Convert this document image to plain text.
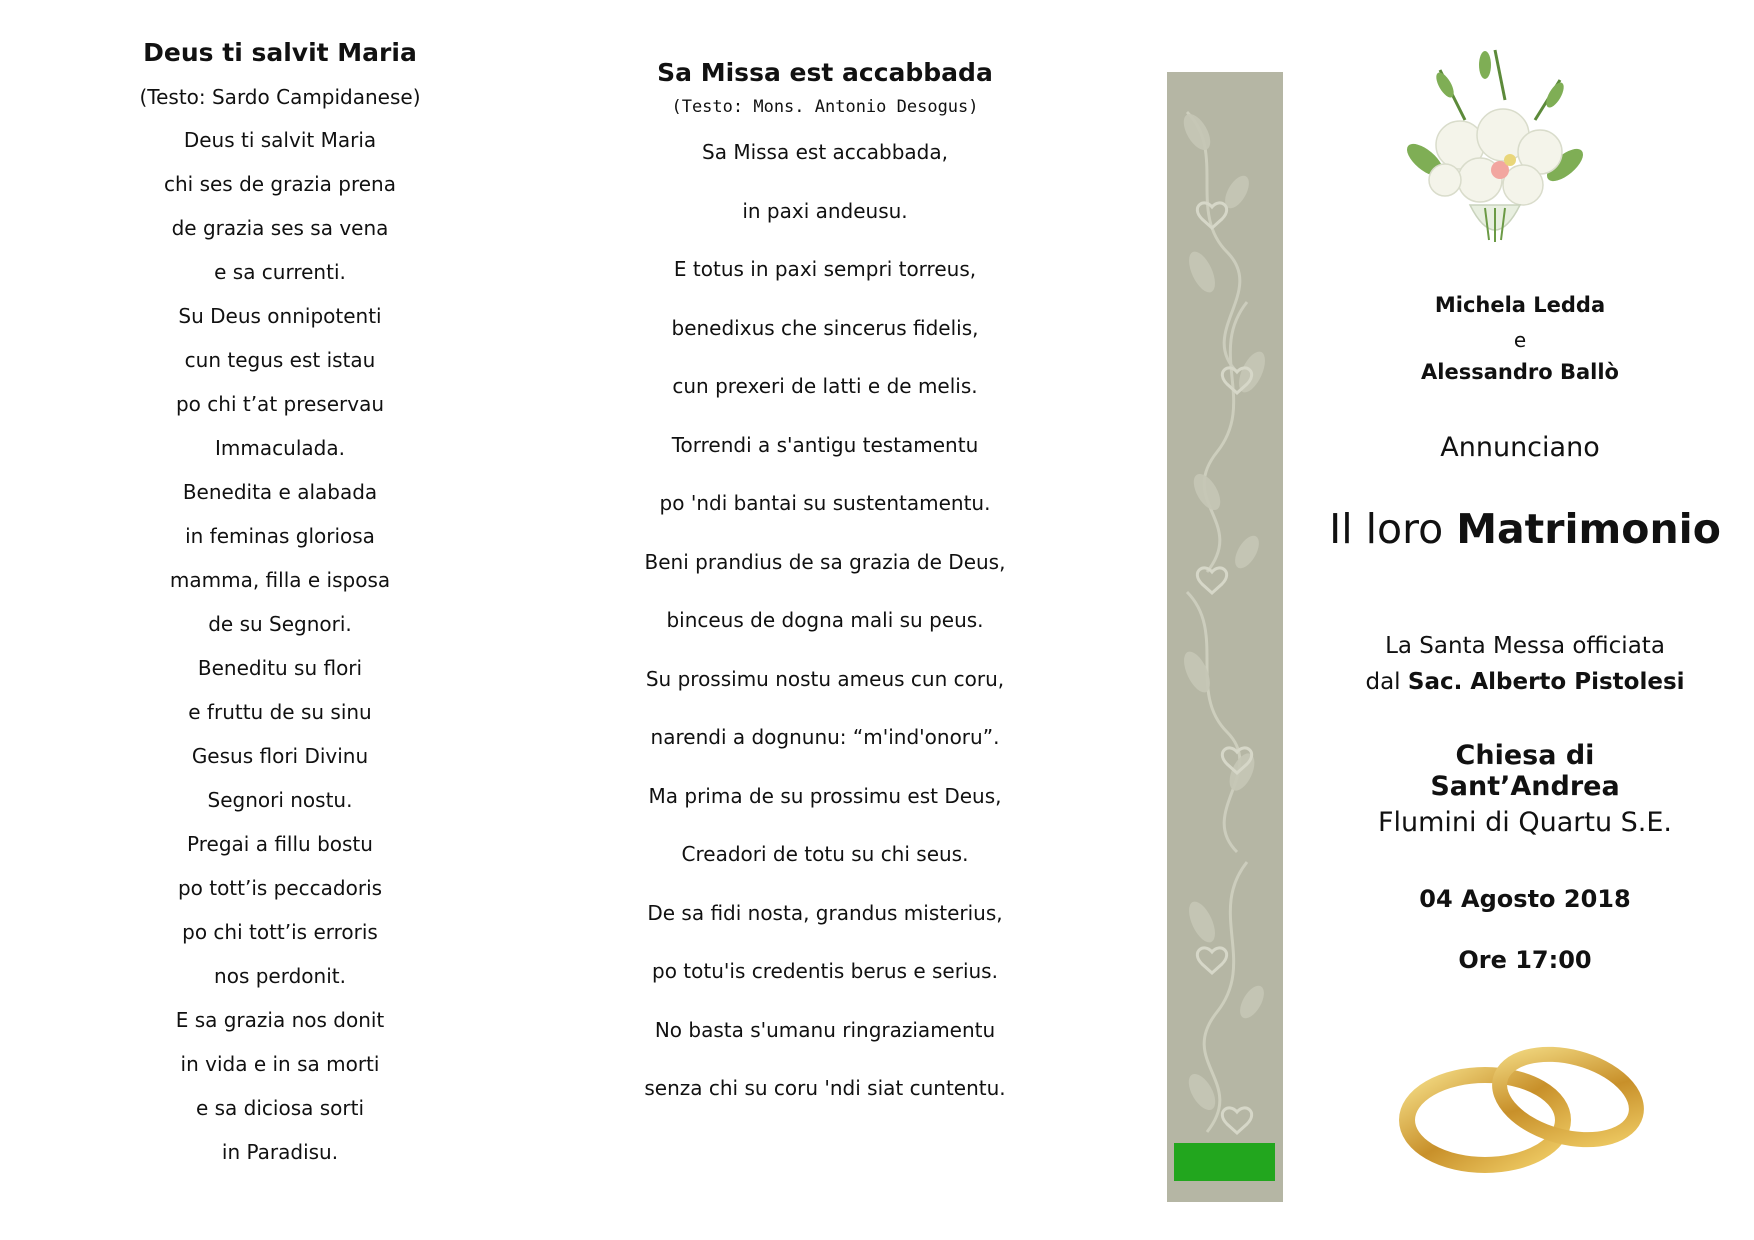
Deus ti salvit Maria
(Testo: Sardo Campidanese)
Deus ti salvit Maria
chi ses de grazia prena
de grazia ses sa vena
e sa currenti.
Su Deus onnipotenti
cun tegus est istau
po chi t’at preservau
Immaculada.
Benedita e alabada
in feminas gloriosa
mamma, filla e isposa
de su Segnori.
Beneditu su flori
e fruttu de su sinu
Gesus flori Divinu
Segnori nostu.
Pregai a fillu bostu
po tott’is peccadoris
po chi tott’is erroris
nos perdonit.
E sa grazia nos donit
in vida e in sa morti
e sa diciosa sorti
in Paradisu.
Sa Missa est accabbada
(Testo: Mons. Antonio Desogus)
Sa Missa est accabbada,
in paxi andeusu.
E totus in paxi sempri torreus,
benedixus che sincerus fidelis,
cun prexeri de latti e de melis.
Torrendi a s'antigu testamentu
po 'ndi bantai su sustentamentu.
Beni prandius de sa grazia de Deus,
binceus de dogna mali su peus.
Su prossimu nostu ameus cun coru,
narendi a dognunu: “m'ind'onoru”.
Ma prima de su prossimu est Deus,
Creadori de totu su chi seus.
De sa fidi nosta, grandus misterius,
po totu'is credentis berus e serius.
No basta s'umanu ringraziamentu
senza chi su coru 'ndi siat cuntentu.
Michela Ledda
e
Alessandro Ballò
Annunciano
Il loro Matrimonio
La Santa Messa officiata
dal Sac. Alberto Pistolesi
Chiesa di Sant’Andrea
Flumini di Quartu S.E.
04 Agosto 2018
Ore 17:00
